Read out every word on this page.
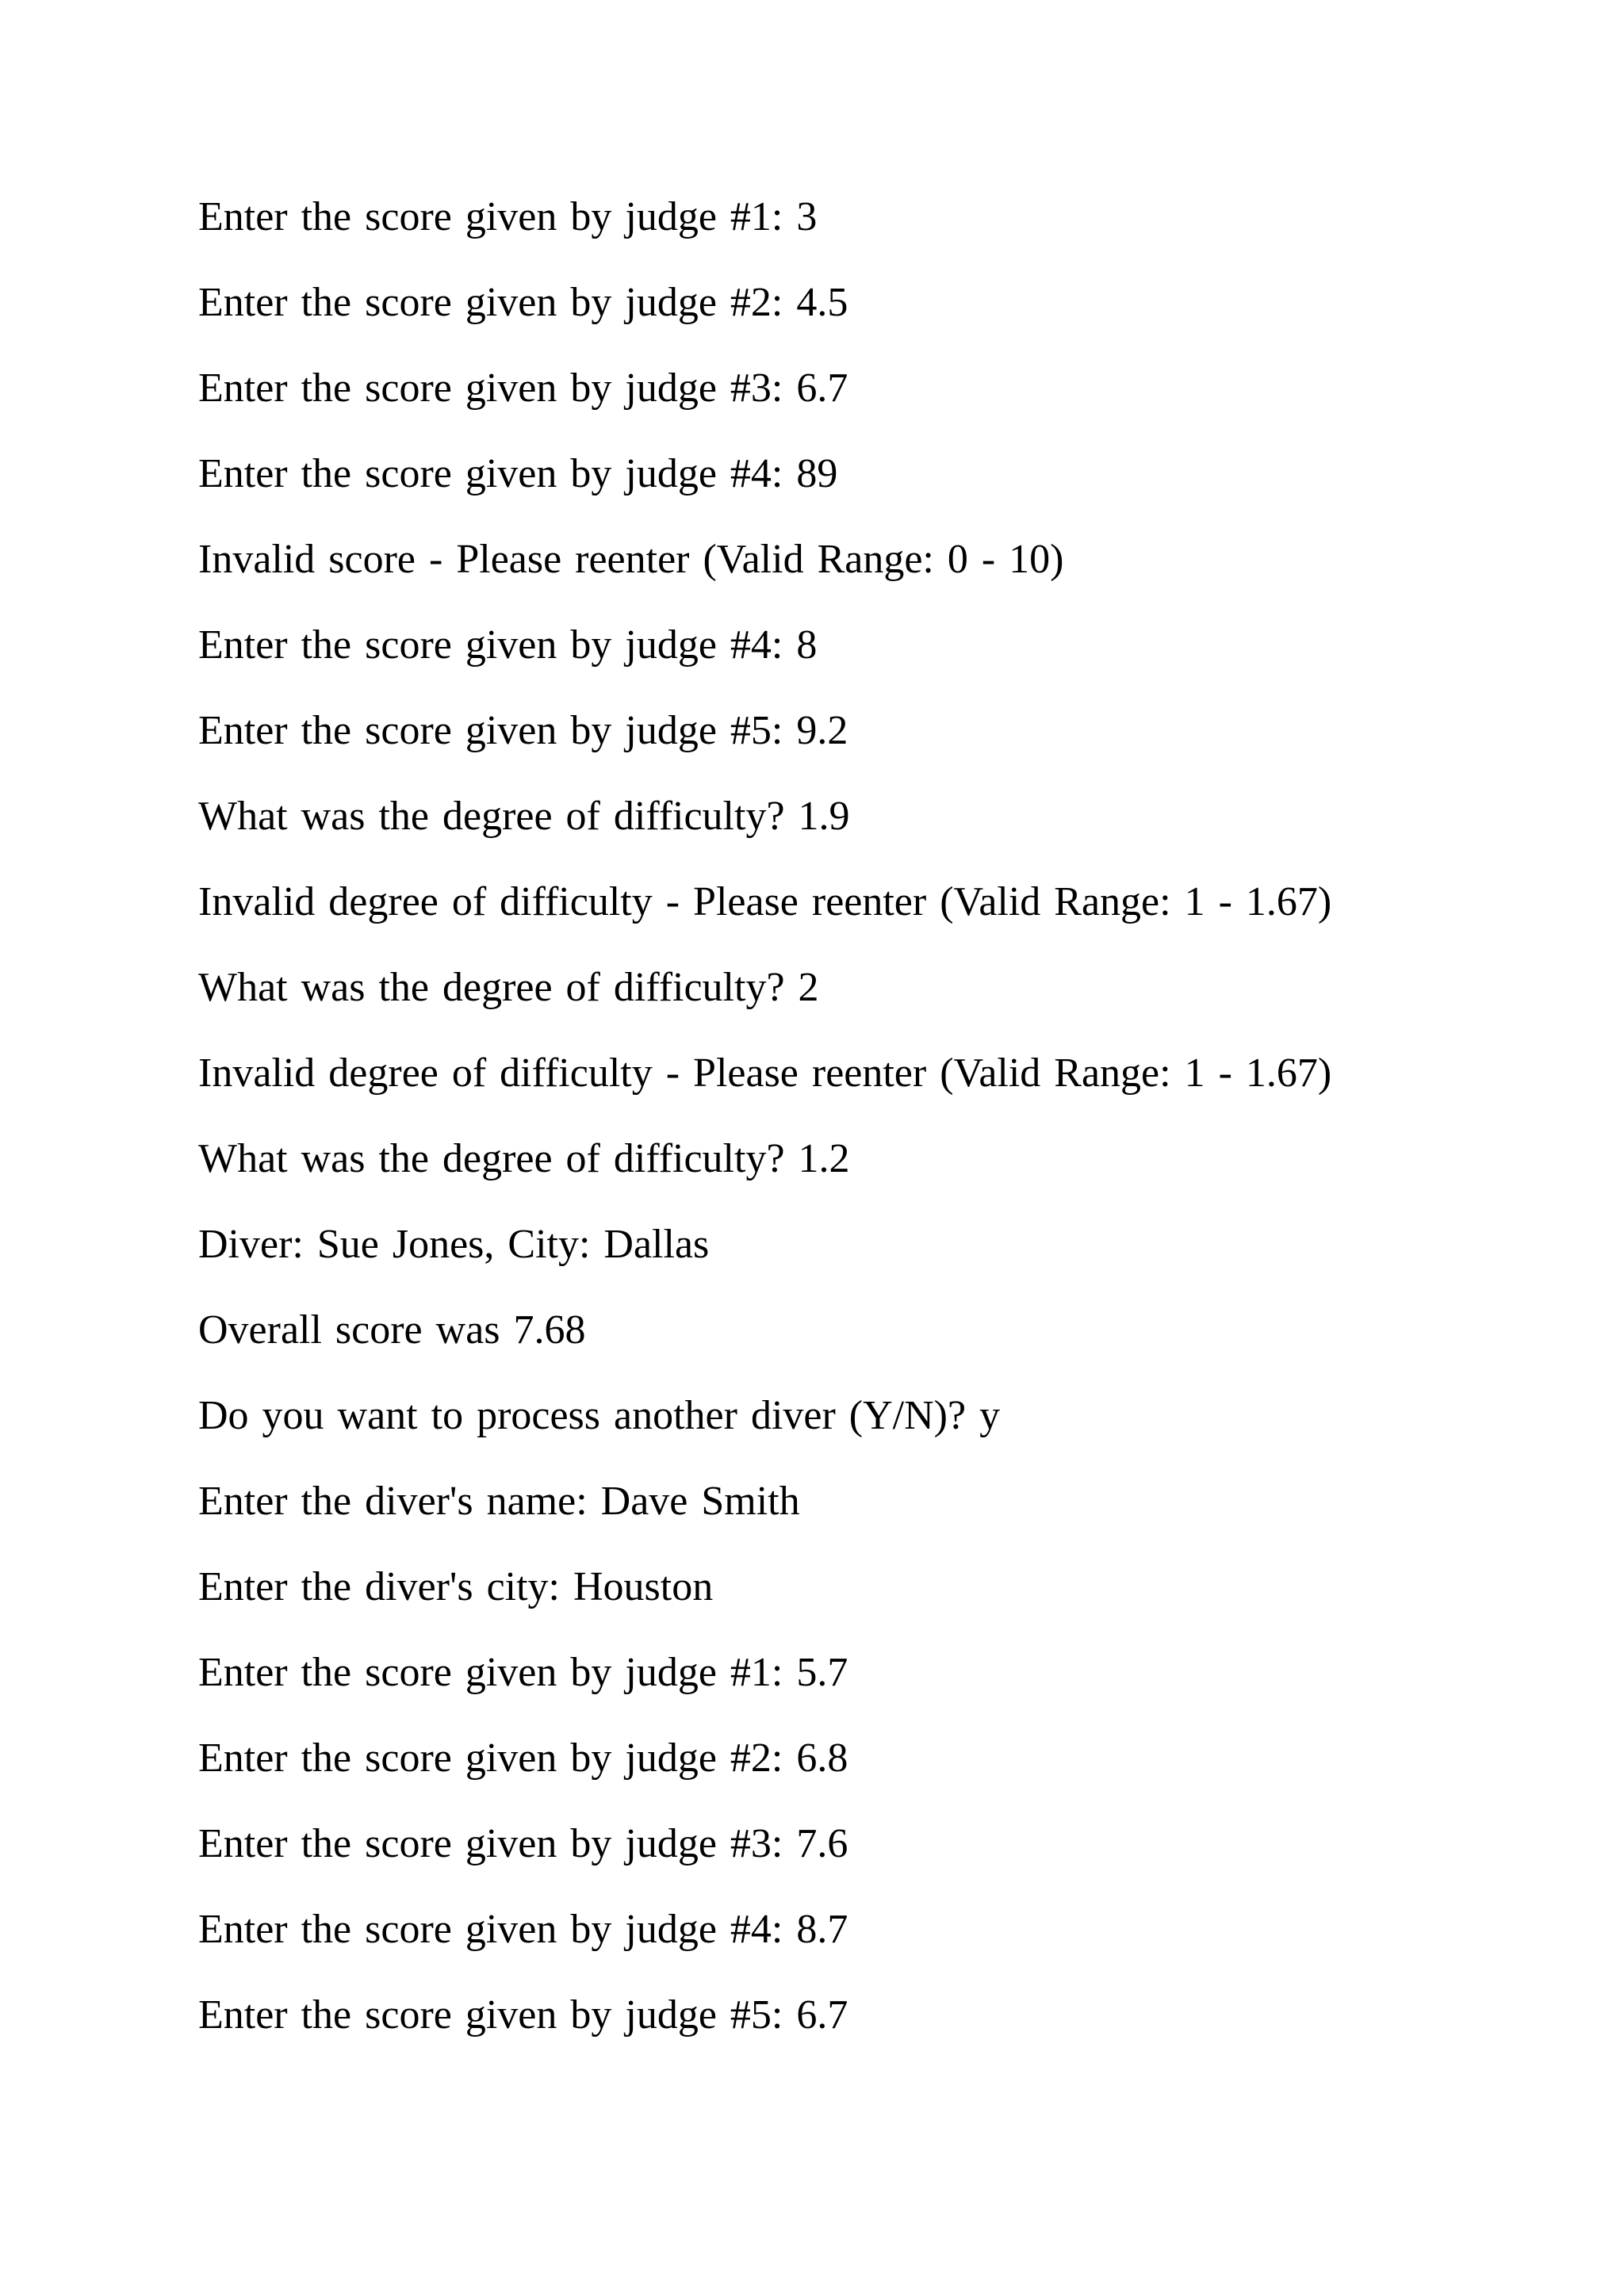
Enter the score given by judge #1: 3
Enter the score given by judge #2: 4.5
Enter the score given by judge #3: 6.7
Enter the score given by judge #4: 89
Invalid score - Please reenter (Valid Range: 0 - 10)
Enter the score given by judge #4: 8
Enter the score given by judge #5: 9.2
What was the degree of difficulty? 1.9
Invalid degree of difficulty - Please reenter (Valid Range: 1 - 1.67)
What was the degree of difficulty? 2
Invalid degree of difficulty - Please reenter (Valid Range: 1 - 1.67)
What was the degree of difficulty? 1.2
Diver: Sue Jones, City: Dallas
Overall score was 7.68
Do you want to process another diver (Y/N)? y
Enter the diver's name: Dave Smith
Enter the diver's city: Houston
Enter the score given by judge #1: 5.7
Enter the score given by judge #2: 6.8
Enter the score given by judge #3: 7.6
Enter the score given by judge #4: 8.7
Enter the score given by judge #5: 6.7
